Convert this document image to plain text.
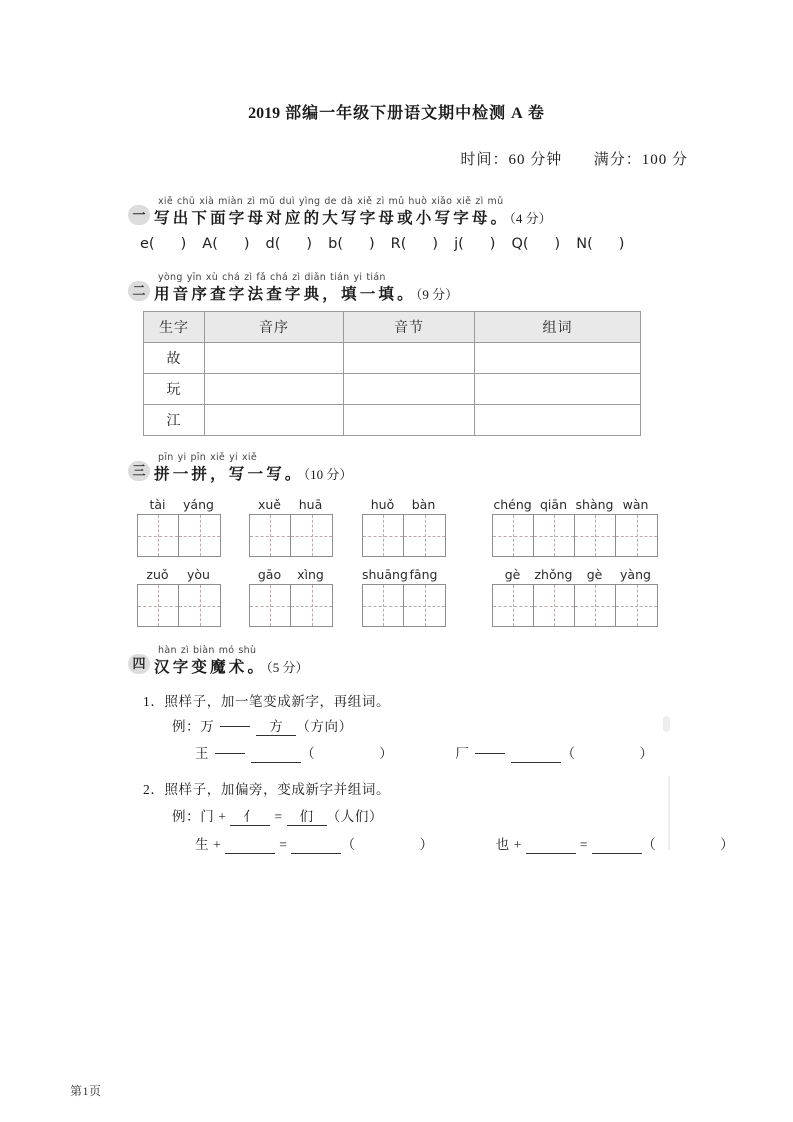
2019 部编一年级下册语文期中检测 A 卷
时间：60 分钟 满分：100 分
一
xiě chū xià miàn zì mǔ duì yìng de dà xiě zì mǔ huò xiǎo xiě zì mǔ
写出下面字母对应的大写字母或小写字母。（4 分）
e( ) A( ) d( ) b( ) R( ) j( ) Q( ) N( )
二
yòng yīn xù chá zì fǎ chá zì diǎn tián yi tián
用音序查字法查字典，填一填。（9 分）
生字	音序	音节	组词
故			
玩			
江			
三
pīn yi pīn xiě yi xiě
拼一拼，写一写。（10 分）
tài	yáng	xuě	huā	huǒ	bàn	chéng qiān shàng wàn
zuǒ	yòu	gāo	xìng	shuāng fāng	gè	zhǒng	gè	yàng
四
hàn zì biàn mó shù
汉字变魔术。（5 分）
1．照样子，加一笔变成新字，再组词。
例：万	方 （方向）
王	（	）	厂	（	）
2．照样子，加偏旁，变成新字并组词。
例：门 + 亻 = 们 （人们）
生 +	=	（	）	也 +	=	（	）
第1页
